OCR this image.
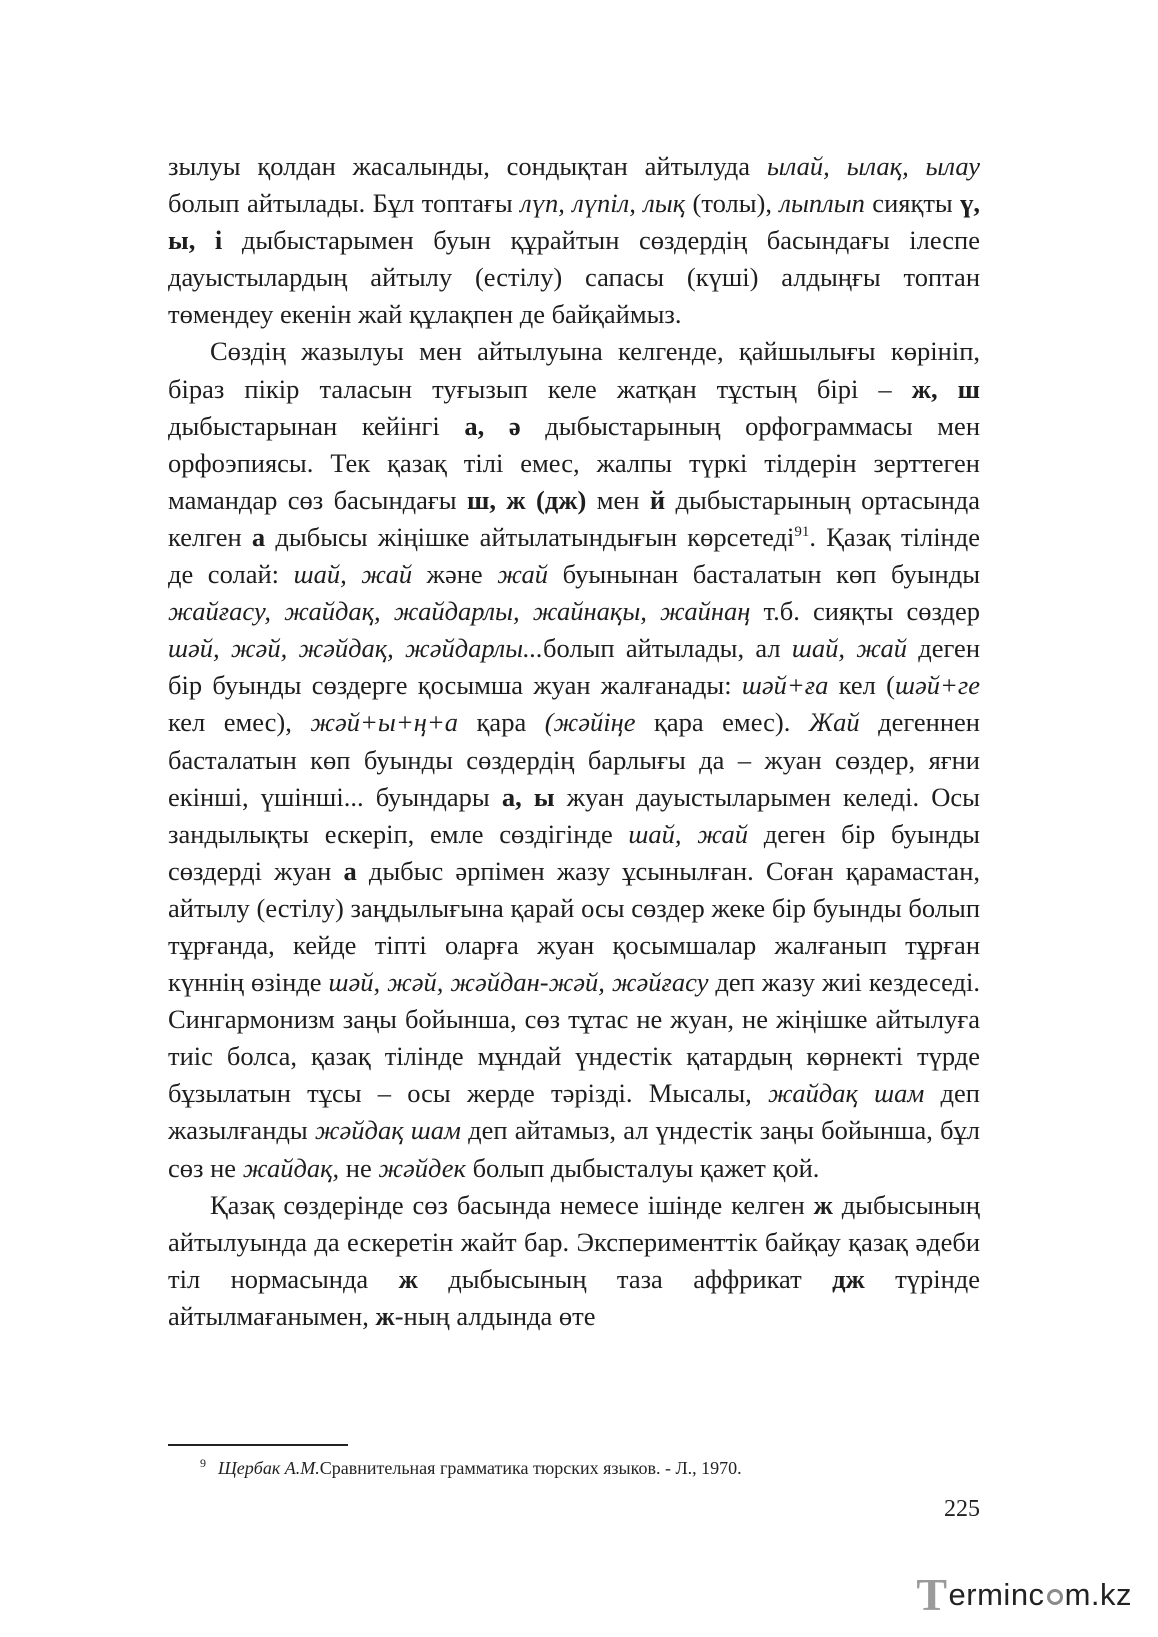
зылуы қолдан жасалынды, сондықтан айтылуда ылай, ылақ, ылау болып айтылады. Бұл топтағы лүп, лүпіл, лық (толы), лыплып сияқты ү, ы, і дыбыстарымен буын құрайтын сөздердің басындағы ілеспе дауыстылардың айтылу (естілу) сапасы (күші) алдыңғы топтан төмендеу екенін жай құлақпен де байқаймыз.

Сөздің жазылуы мен айтылуына келгенде, қайшылығы көрініп, біраз пікір таласын туғызып келе жатқан тұстың бірі – ж, ш дыбыстарынан кейінгі а, ә дыбыстарының орфограммасы мен орфоэпиясы. Тек қазақ тілі емес, жалпы түркі тілдерін зерттеген мамандар сөз басындағы ш, ж (дж) мен й дыбыстарының ортасында келген а дыбысы жіңішке айтылатындығын көрсетеді$^{91}$. Қазақ тілінде де солай: шай, жай және жай буынынан басталатын көп буынды жайғасу, жайдақ, жайдарлы, жайнақы, жайнаң т.б. сияқты сөздер шәй, жәй, жәйдақ, жәйдарлы...болып айтылады, ал шай, жай деген бір буынды сөздерге қосымша жуан жалғанады: шәй+ға кел (шәй+ге кел емес), жәй+ы+ң+а қара (жәйіңе қара емес). Жай дегеннен басталатын көп буынды сөздердің барлығы да – жуан сөздер, яғни екінші, үшінші... буындары а, ы жуан дауыстыларымен келеді. Осы зандылықты ескеріп, емле сөздігінде шай, жай деген бір буынды сөздерді жуан а дыбыс әрпімен жазу ұсынылған. Соған қарамастан, айтылу (естілу) заңдылығына қарай осы сөздер жеке бір буынды болып тұрғанда, кейде тіпті оларға жуан қосымшалар жалғанып тұрған күннің өзінде шәй, жәй, жәйдан-жәй, жәйғасу деп жазу жиі кездеседі. Сингармонизм заңы бойынша, сөз тұтас не жуан, не жіңішке айтылуға тиіс болса, қазақ тілінде мұндай үндестік қатардың көрнекті түрде бұзылатын тұсы – осы жерде тәрізді. Мысалы, жайдақ шам деп жазылғанды жәйдақ шам деп айтамыз, ал үндестік заңы бойынша, бұл сөз не жайдақ, не жәйдек болып дыбысталуы қажет қой.

Қазақ сөздерінде сөз басында немесе ішінде келген ж дыбысының айтылуында да ескеретін жайт бар. Эксперименттік байқау қазақ әдеби тіл нормасында ж дыбысының таза аффрикат дж түрінде айтылмағанымен, ж-ның алдында өте

$^9$ Щербак А.М.Сравнительная грамматика тюрских языков. - Л., 1970.
225
T erminc m.kz
